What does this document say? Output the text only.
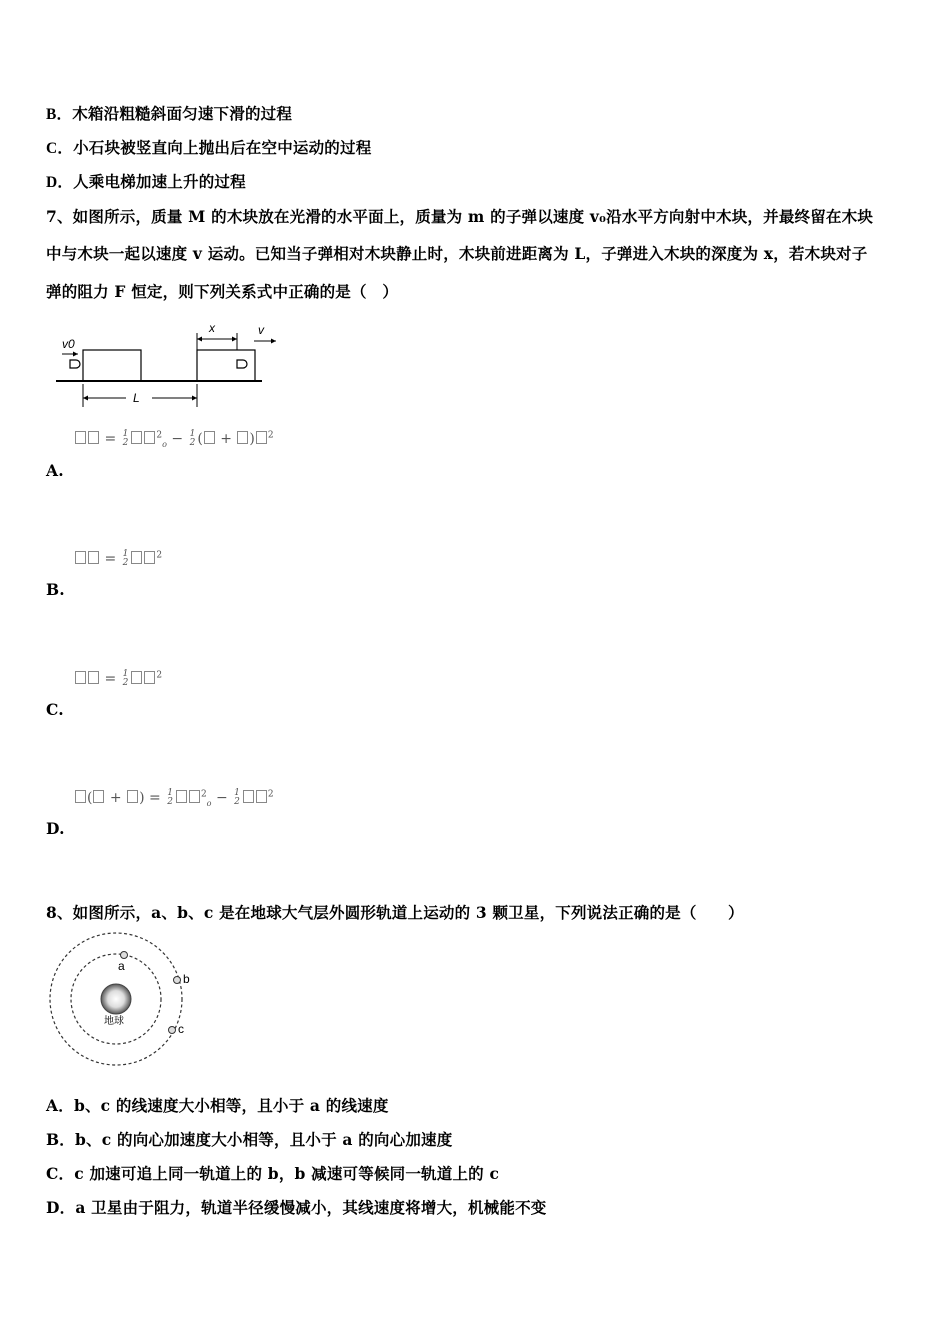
B．木箱沿粗糙斜面匀速下滑的过程
C．小石块被竖直向上抛出后在空中运动的过程
D．人乘电梯加速上升的过程
7、如图所示，质量 M 的木块放在光滑的水平面上，质量为 m 的子弹以速度 v₀沿水平方向射中木块，并最终留在木块
中与木块一起以速度 v 运动。已知当子弹相对木块静止时，木块前进距离为 L，子弹进入木块的深度为 x，若木块对子
弹的阻力 F 恒定，则下列关系式中正确的是（　）
v0
x	v
L
= 1
2
$^2_o$ − 1
2 ( + ) $^2$
A.
= 1
2
$^2$
B.
= 1
2
$^2$
C.
( + ) = 1
2
$^2_o$ − 1
2
$^2$
D.
8、如图所示，a、b、c 是在地球大气层外圆形轨道上运动的 3 颗卫星，下列说法正确的是（　　）
地球
a
b
c
A．b、c 的线速度大小相等，且小于 a 的线速度
B．b、c 的向心加速度大小相等，且小于 a 的向心加速度
C．c 加速可追上同一轨道上的 b，b 减速可等候同一轨道上的 c
D．a 卫星由于阻力，轨道半径缓慢减小，其线速度将增大，机械能不变
